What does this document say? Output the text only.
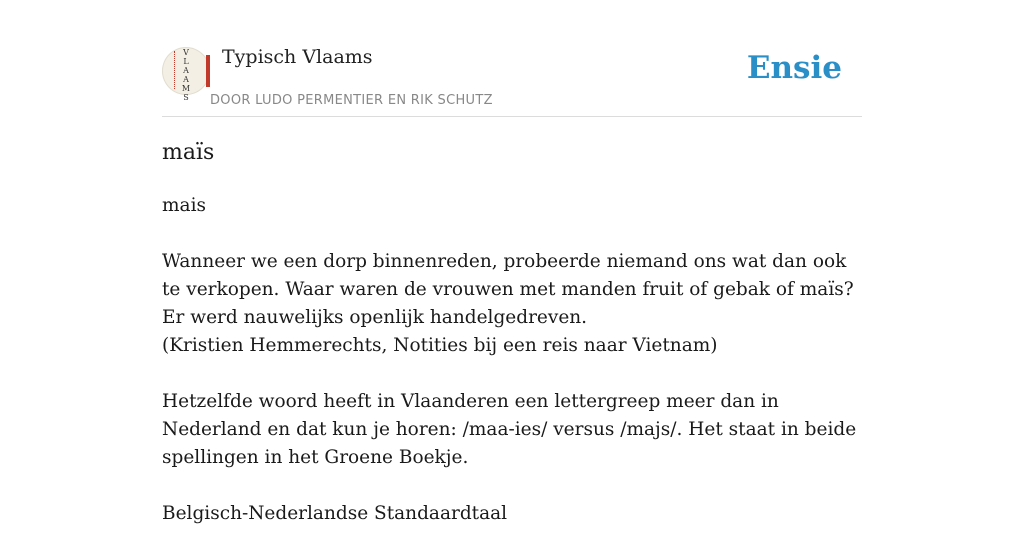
V
L
A
A
M
S
Typisch Vlaams
DOOR LUDO PERMENTIER EN RIK SCHUTZ
Ensie
maïs

mais

Wanneer we een dorp binnenreden, probeerde niemand ons wat dan ook te verkopen. Waar waren de vrouwen met manden fruit of gebak of maïs? Er werd nauwelijks openlijk handelgedreven.
(Kristien Hemmerechts, Notities bij een reis naar Vietnam)

Hetzelfde woord heeft in Vlaanderen een lettergreep meer dan in Nederland en dat kun je horen: /maa-ies/ versus /majs/. Het staat in beide spellingen in het Groene Boekje.

Belgisch-Nederlandse Standaardtaal
